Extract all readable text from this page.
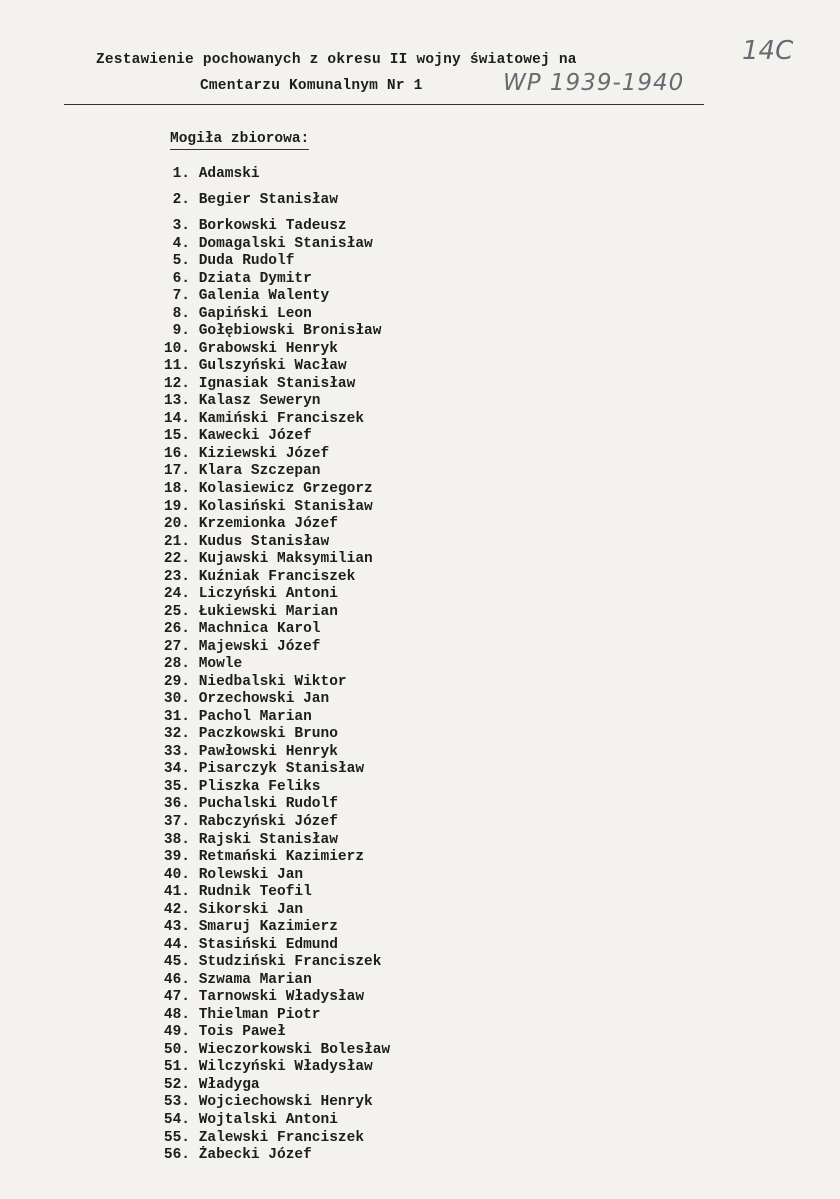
Zestawienie pochowanych z okresu II wojny światowej na
Cmentarzu Komunalnym Nr 1	WP 1939-1940
14C
Mogiła zbiorowa:
1. Adamski
2. Begier Stanisław
3. Borkowski Tadeusz
4. Domagalski Stanisław
5. Duda Rudolf
6. Dziata Dymitr
7. Galenia Walenty
8. Gapiński Leon
9. Gołębiowski Bronisław
10. Grabowski Henryk
11. Gulszyński Wacław
12. Ignasiak Stanisław
13. Kalasz Seweryn
14. Kamiński Franciszek
15. Kawecki Józef
16. Kiziewski Józef
17. Klara Szczepan
18. Kolasiewicz Grzegorz
19. Kolasiński Stanisław
20. Krzemionka Józef
21. Kudus Stanisław
22. Kujawski Maksymilian
23. Kuźniak Franciszek
24. Liczyński Antoni
25. Łukiewski Marian
26. Machnica Karol
27. Majewski Józef
28. Mowle
29. Niedbalski Wiktor
30. Orzechowski Jan
31. Pachol Marian
32. Paczkowski Bruno
33. Pawłowski Henryk
34. Pisarczyk Stanisław
35. Pliszka Feliks
36. Puchalski Rudolf
37. Rabczyński Józef
38. Rajski Stanisław
39. Retmański Kazimierz
40. Rolewski Jan
41. Rudnik Teofil
42. Sikorski Jan
43. Smaruj Kazimierz
44. Stasiński Edmund
45. Studziński Franciszek
46. Szwama Marian
47. Tarnowski Władysław
48. Thielman Piotr
49. Tois Paweł
50. Wieczorkowski Bolesław
51. Wilczyński Władysław
52. Władyga
53. Wojciechowski Henryk
54. Wojtalski Antoni
55. Zalewski Franciszek
56. Żabecki Józef
